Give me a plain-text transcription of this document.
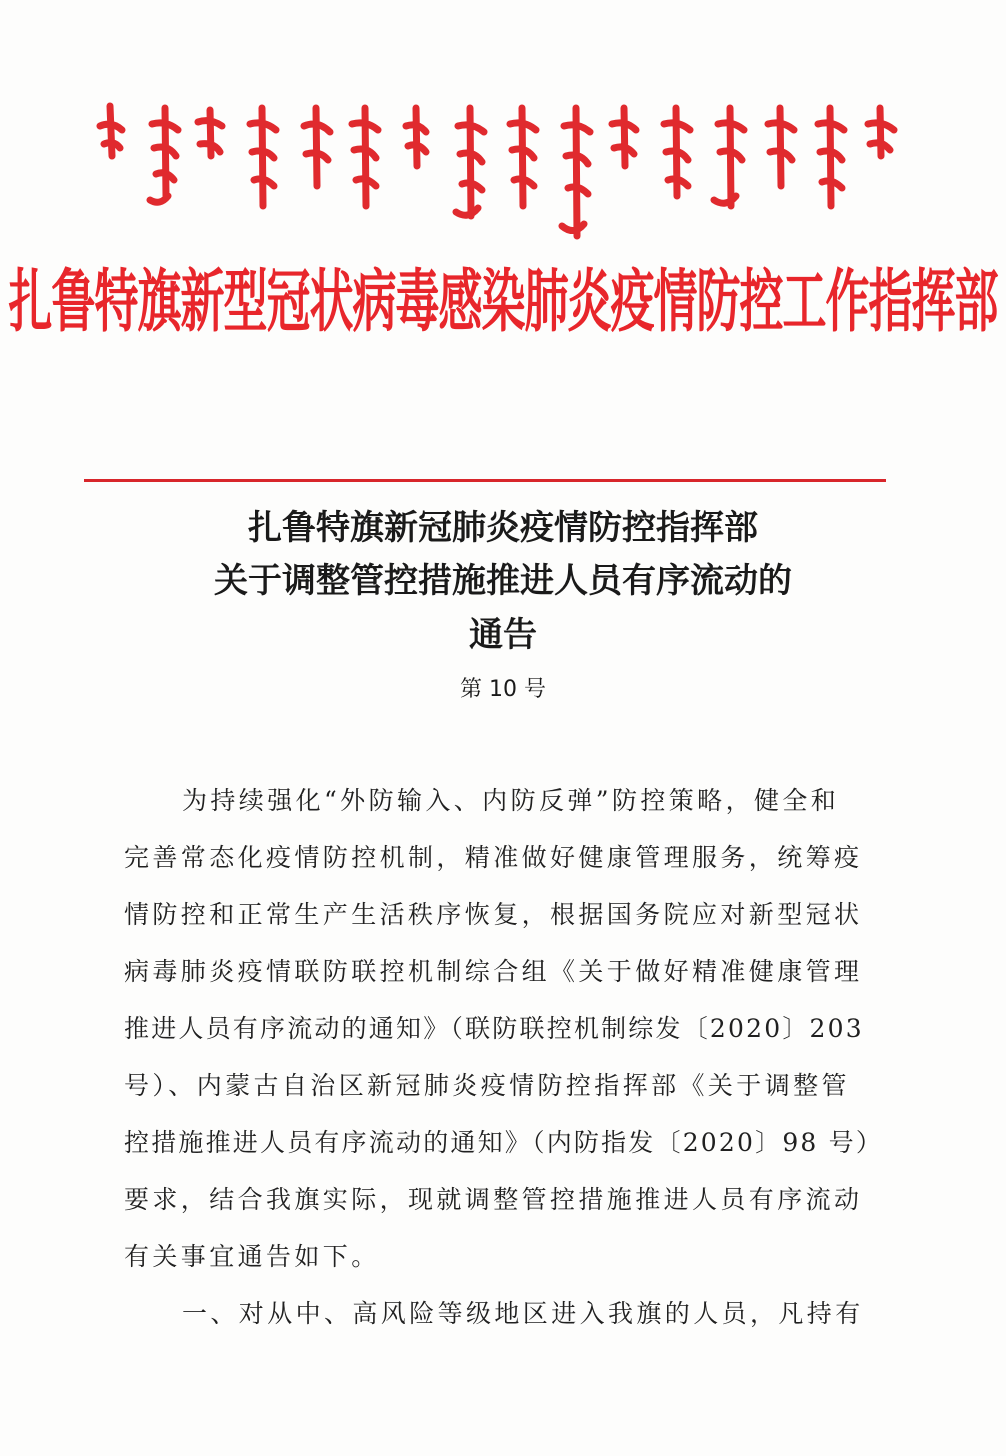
扎鲁特旗新型冠状病毒感染肺炎疫情防控工作指挥部
扎鲁特旗新冠肺炎疫情防控指挥部
关于调整管控措施推进人员有序流动的
通告
第 10 号
为持续强化“外防输入、内防反弹”防控策略，健全和
完善常态化疫情防控机制，精准做好健康管理服务，统筹疫
情防控和正常生产生活秩序恢复，根据国务院应对新型冠状
病毒肺炎疫情联防联控机制综合组《关于做好精准健康管理
推进人员有序流动的通知》（联防联控机制综发〔2020〕203
号）、内蒙古自治区新冠肺炎疫情防控指挥部《关于调整管
控措施推进人员有序流动的通知》（内防指发〔2020〕98 号）
要求，结合我旗实际，现就调整管控措施推进人员有序流动
有关事宜通告如下。
一、对从中、高风险等级地区进入我旗的人员，凡持有
